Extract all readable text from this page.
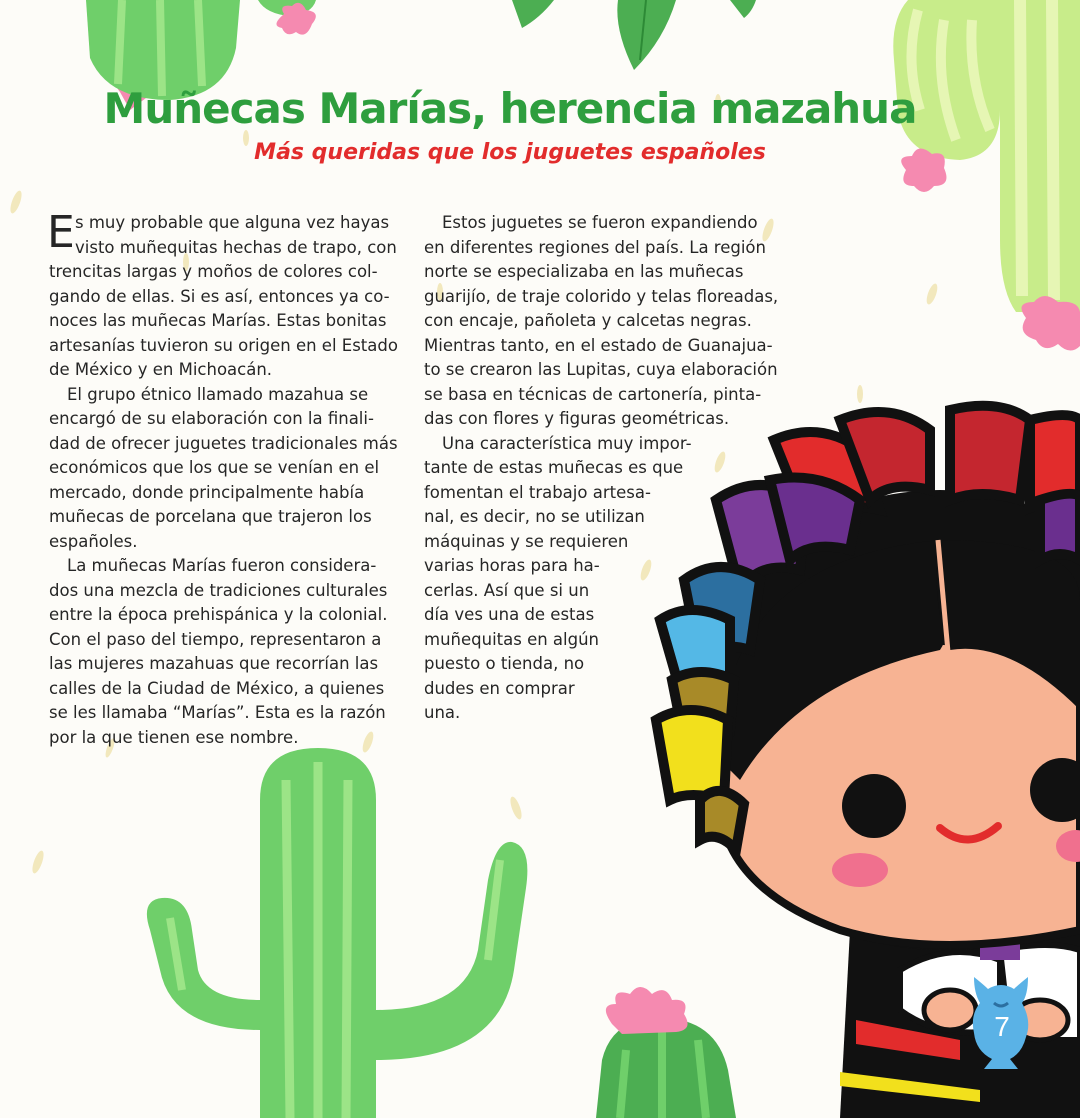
Muñecas Marías, herencia mazahua
Más queridas que los juguetes españoles
E s muy probable que alguna vez hayas

visto muñequitas hechas de trapo, con

trencitas largas y moños de colores col-

gando de ellas. Si es así, entonces ya co-

noces las muñecas Marías. Estas bonitas

artesanías tuvieron su origen en el Estado

de México y en Michoacán.

El grupo étnico llamado mazahua se

encargó de su elaboración con la finali-

dad de ofrecer juguetes tradicionales más

económicos que los que se venían en el

mercado, donde principalmente había

muñecas de porcelana que trajeron los

españoles.

La muñecas Marías fueron considera-

dos una mezcla de tradiciones culturales

entre la época prehispánica y la colonial.

Con el paso del tiempo, representaron a

las mujeres mazahuas que recorrían las

calles de la Ciudad de México, a quienes

se les llamaba “Marías”. Esta es la razón

por la que tienen ese nombre.

Estos juguetes se fueron expandiendo

en diferentes regiones del país. La región

norte se especializaba en las muñecas

guarijío, de traje colorido y telas floreadas,

con encaje, pañoleta y calcetas negras.

Mientras tanto, en el estado de Guanajua-

to se crearon las Lupitas, cuya elaboración

se basa en técnicas de cartonería, pinta-

das con flores y figuras geométricas.

Una característica muy impor-

tante de estas muñecas es que

fomentan el trabajo artesa-

nal, es decir, no se utilizan

máquinas y se requieren

varias horas para ha-

cerlas. Así que si un

día ves una de estas

muñequitas en algún

puesto o tienda, no

dudes en comprar

una.

7
